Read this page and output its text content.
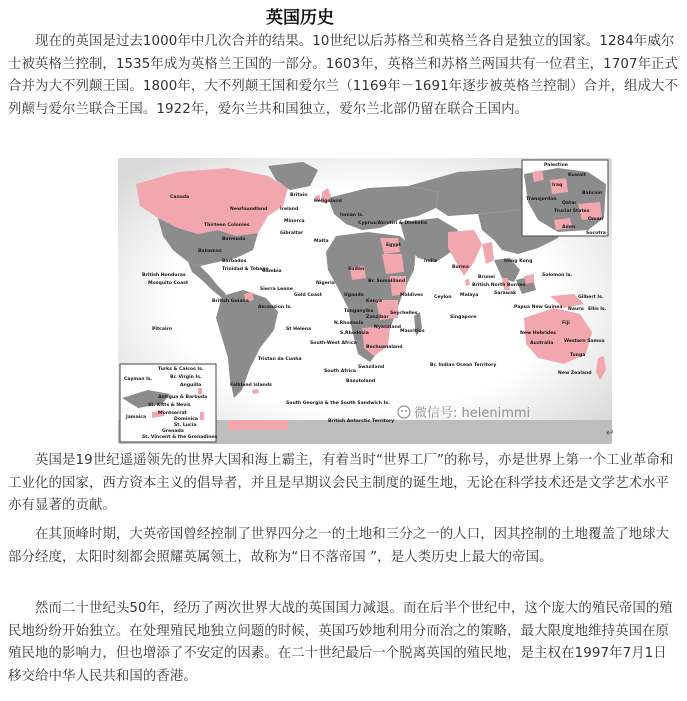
英国历史

现在的英国是过去1000年中几次合并的结果。10世纪以后苏格兰和英格兰各自是独立的国家。1284年威尔士被英格兰控制，1535年成为英格兰王国的一部分。1603年，英格兰和苏格兰两国共有一位君主，1707年正式合并为大不列颠王国。1800年，大不列颠王国和爱尔兰（1169年－1691年逐步被英格兰控制）合并，组成大不列颠与爱尔兰联合王国。1922年，爱尔兰共和国独立，爱尔兰北部仍留在联合王国内。

Britain
Canada
Newfoundland	Ireland
Heligoland
Ionian Is.
Cyprus/Akrotiri & Dhekelia
Minorca
Gibraltar
Malta
Egypt
Thirteen Colonies
Bermuda
Bahamas
Barbados
Trinidad & Tobago
British Honduras
Mosquito Coast
British Guiana
Gambia
Sierra Leone
Gold Coast
Nigeria
Sudan
Br. Somaliland
Uganda
Kenya
Tanganyika
Zanzibar
N.Rhodesia
S.Rhodesia
Nyasaland
Seychelles
Mauritius
Bechuanaland
Swaziland
Basutoland
South Africa
South-West Africa
St Helena
Ascension Is.
Tristan da Cunha
Falkland Islands
South Georgia & the South Sandwich Is.
British Antarctic Territory
India
Burma
Maldives Ceylon Malaya
Singapore
Brunei
British North Borneo
Sarawak
Hong Kong
Br. Indian Ocean Territory
Papua New Guinea
Solomon Is.
Gilbert Is.
Nauru Ellis Is.
Fiji
New Hebrides
Western Samoa
Tonga
Australia
New Zealand
Pitcairn
Palestine
Kuwait
Iraq
Bahrain
Transjordan
Qatar
Trucial States
Oman
Aden
Socotra
Cayman Is.
Jamaica
Turks & Caicos Is.
Br. Virgin Is.
Anguilla
Antigua & Barbuda
St. Kitts & Nevis
Montserrat
Dominica
St. Lucia
Grenada
St. Vincent & the Grenadines
微信号: helenimmi
↵

英国是19世纪遥遥领先的世界大国和海上霸主，有着当时“世界工厂”的称号，亦是世界上第一个工业革命和工业化的国家，西方资本主义的倡导者，并且是早期议会民主制度的诞生地，无论在科学技术还是文学艺术水平亦有显著的贡献。

在其顶峰时期，大英帝国曾经控制了世界四分之一的土地和三分之一的人口，因其控制的土地覆盖了地球大部分经度，太阳时刻都会照耀英属领土，故称为“日不落帝国 ”，是人类历史上最大的帝国。

然而二十世纪头50年，经历了两次世界大战的英国国力减退。而在后半个世纪中，这个庞大的殖民帝国的殖民地纷纷开始独立。在处理殖民地独立问题的时候，英国巧妙地利用分而治之的策略，最大限度地维持英国在原殖民地的影响力，但也增添了不安定的因素。在二十世纪最后一个脱离英国的殖民地，是主权在1997年7月1日移交给中华人民共和国的香港。
